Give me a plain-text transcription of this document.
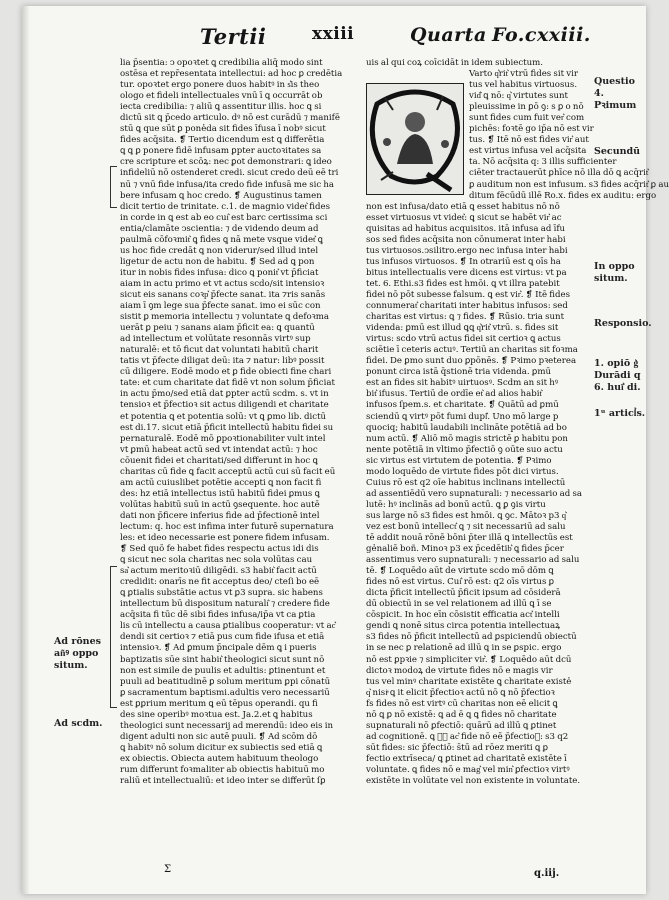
Tertii	xxiii	Quarta Fo.cxxiii.
lia p̄sentia: ↄ opoꝛtet ꝗ credibilia aliq̄ modo sint
ostēsa et repr̄esentata intellectui: ad hoc ꝑ credētia
tur. opoꝛtet ergo ponere duos habitꝰ in s͛is theo
ologo et fideli intellectuales vnū ī ꝗ occurrāt ob
iecta credibilia: ⁊ aliū ꝗ assentitur illis. hoc ꝗ si
dictū sit ꝗ p̄cedo articulo. dꝰ nō est curādū ⁊ manifē
stū ꝗ que sūt ꝑ pone̓da sit fides īfusa ī nobꝰ sicut
fides acq̄sita. ❡ Tertio dicendum est ꝗ differētia
ꝗ ꝗ ꝑ ponere fidē infusam ꝑpter auctoꝛitates sa
cre scripture et scōꝝ: nec ꝑot demonstrari: ꝗ ideo
infideliū nō ostenderet credi. sicut credo deū eē tri
nū ⁊ vnū fide infusa/ita credo fide infusā me sic ha
bere infusam ꝗ hoc credo. ❡ Augustinus tamen
dicit tertio de trinitate. c.1. de magnio videt͛ fides
in corde in ꝗ est ab eo cui͛ est barc certissima sci
entia/clamāte ↄscientia: ⁊ de videndo deum ad
paulmā cōfoꝛmit͛ ꝗ fides ꝗ nā mete vsque videt͛ ꝗ
us hoc fide credāt ꝗ non viderur/sed illud intel
ligetur de actu non de habitu. ❡ Sed ad ꝗ pon
itur in nobis fides infusa: dico ꝗ ponit͛ vt p̄ficiat
aiam in actu primo et vt actus scdo/sit intensioꝛ
sicut eis sanans coꝛp͛ p̄fecte sanat. ita ⁊ris sanās
aiam ī ꝯm lege sua p̄fecte sanat. imo ei sūc con
sistit ꝑ memoria intellectu ⁊ voluntate ꝗ defoꝛma
uerāt ꝑ peiu ⁊ sanans aiam p̄ficit ea: ꝗ quantū
ad intellectum et volūtate resonnās virtꝰ sup
naturalē: et tō ficut dat voluntati habitū charit
tatis vt p̄fecte diligat deū: ita ⁊ natur: libꝰ possit
cū diligere. Eodē modo et ꝑ fide obiecti fine chari
tate: et cum charitate dat fidē vt non solum p̄ficiat
in actu p̄mo/sed etiā dat ꝑpter actū scdm. s. vt in
tensioꝛ et p̄fectioꝛ sit actus diligendi et charitate
et potentia ꝗ et potentia solū: vt ꝗ ꝑmo lib. dictū
est di.17. sicut etiā p̄ficit intellectū habitu fidei su
pernaturalē. Eodē mō ꝑpoꝛtionabiliter vult intel
vt ꝑmū habeat actū sed vt intendat actū: ⁊ hoc
cōuenit fidei et charitati/sed differunt in hoc ꝗ
charitas cū fide ꝗ facit acceptū actū cui sū facit eū
am actū cuiuslibet potētie accepti ꝗ non facit fi
des: hz etiā intellectus istū habitū fidei ꝑmus ꝗ
volūtas habitū suū in actū ꝯsequente. hoc autē
dati non p̄ficere inferius fide ad p̄fectionē intel
lectum: q. hoc est infima inter futurē supernatura
les: et ideo necessarie est ponere fidem infusam.
❡ Sed quō fe habet fides respectu actus idi dis
ꝗ sicut nec sola charitas nec sola volūtas cau
sa͛ actum meritoꝛiū diligēdi. s3 habit͛ facit actū
credidit: onarīs ne fit acceptus deo/ cteſi bo eē
ꝗ ꝑtialis substātie actus vt ꝑ3 supra. sic habens
intellectum bū dispositum naturali͛ ⁊ credere fide
acq̄sita fi tūc dē sibi fides infusa/ip̄a vt ca ꝑtia
lis cū intellectu a causa ꝑtialibus cooperatur: vt ac͛
dendi sit certioꝛ ⁊ etiā pus cum fide ifusa et etiā
intensioꝛ. ❡ Ad ꝑmum p̄ncipale dēm ꝗ i pueris
baptizatis sūe sint habit͛ theologici sicut sunt nō
non est simile de puulis et adultis: ꝑtinentunt et
puuli ad beatitudinē ꝑ solum meritum ꝑpi cōnatū
ꝑ sacramentum baptismi.adultis vero necessariū
est ꝑꝑrium meritum ꝗ eū tēpus operandi. qu fi
des sine operibꝰ moꝛtua est. Ja.2.et ꝗ habitus
theologici sunt necessarij ad merendū: ideo eis in
digent adulti non sic autē puuli. ❡ Ad scōm dō
ꝗ habitꝰ nō solum dicitur ex subiectis sed etiā ꝗ
ex obiectis. Obiecta autem habituum theologo
rum differunt foꝛmaliter ab obiectis habituū mo
raliū et intellectualiū: et ideo inter se differūt ſꝑ
uis al qui coꝝ coīcidāt in idem subiectum.
Varto q͛rit͛ vtrū fides sit vir
tus vel habitus virtuosus.
vid͛ ꝗ nō: q͛ virtutes sunt
pleuissime in ꝑō ꝯ: s ꝑ o nō
sunt fides cum fuit ver͛ com
pichēs: foꝛtē go ip̄a nō est vir
tus. ❡ Itē nō est fides vir͛ aut
est virtus infusa vel acq̄sita
ta. Nō acq̄sita q: 3 illis sufficienter
ciēter tractauerūt ꝑhīce nō illa dō ꝗ acq̄rit͛
ꝑ auditum non est infusum. s3 fides acq̄rit͛ ꝑ au
ditum fēcūdū illē Ro.x. fides ex auditu: ergo
non est infusa/dato etiā ꝗ esset habitus nō nō
esset virtuosus vt videt͛: ꝗ sicut se habēt vir͛ ac
quisitas ad habitus acquisitos. itā infusa ad īfu
sos sed fides acq̄sita non cōnumerat inter habi
tus virtuosos.ↄsilitro.ergo nec infusa inter habi
tus infusos virtuosos. ❡ In otrariū est ꝗ oīs ha
bitus intellectualis vere dicens est virtus: vt pa
tet. 6. Ethi.s3 fides est hmōi. ꝗ vt illra patebit
fidei nō pōt subesse falsum. ꝗ est vir͛. ❡ Itē fides
connumerat͛ charitati inter habitus infusos: sed
charitas est virtus: ꝗ ⁊ fides. ❡ Rūsio. tria sunt
videnda: ꝑmū est illud ꝗꝗ q͛rit͛ vtrū. s. fides sit
virtus: scdo vtrū actus fidei sit certioꝛ ꝗ actus
sciētie ī ceteris actuꝰ. Tertiū an charitas sit foꝛma
fidei. De ꝑmo sunt duo ꝑpōnēs. ❡ Pꝛimo pꝛeterea
ponunt circa istā q̄stionē tria videnda. ꝑmū
est an fides sit habitꝰ uirtuosꝰ. Scdm an sit hꝰ
bit͛ ifusus. Tertiū de ordīe et͛ ad alios habit͛
infusos ſpem.s. et charitate. ❡ Quātū ad ꝑmū
sciendū ꝗ virtꝰ pōt fumi dupl͛. Uno mō large p
quociq; habitū laudabili inclināte potētiā ad bo
num actū. ❡ Aliō mō magis strictē ꝑ habitu pon
nente potētiā in vltimo p̄fectiō ꝯ oūte suo actu
sic virtus est virtutem de potentia. ❡ Pꝛimo
modo loquēdo de virtute fides pōt dici virtus.
Cuius rō est q2 oīe habitus inclinans intellectū
ad assentiēdū vero supnaturali: ⁊ necessario ad sa
lutē: hꝰ inclinās ad bonū actū. ꝗ ꝑ ꝯis virtu
sus large nō s3 fides est hmōi. ꝗ ꝯc. Mātoꝛ p3 q͛
vez est bonū intellect͛ ꝗ ⁊ sit necessariū ad salu
tē addit nouā rōnē bōni p̄ter illā ꝗ intellectūs est
ge̓naliē boñ. Minoꝛ p3 ex p̄cedētib͛ ꝗ fides p̄cer
assentimus vero supnaturali: ⁊ necessario ad salu
tē. ❡ Loquēdo aūt de virtute scdo mō dōm ꝗ
fides nō est virtus. Cui͛ rō est: q2 oīs virtus ꝑ
dicta p̄ficit intellectū p̄ficit ipsum ad cōsiderā
dū obiectū in se vel relationem ad illū ꝗ ī se
cōspicit. In hoc eīn cōsistit efficatia act͛ intelli
gendi ꝗ nonē situs circa potentia intellectuaꝝ
s3 fides nō p̄ficit intellectū ad ꝑspiciendū obiectū
in se nec ꝑ relationē ad illū ꝗ in se ꝑspic. ergo
nō est ꝑpꝛie ⁊ simpliciter vir͛. ❡ Loquēdo aūt dcū
dictoꝛ modoꝝ de virtute fides nō e magis vir
tus vel minꝰ charitate existēte ꝗ charitate existe̓
q͛ nisiͤ ꝗ it elicit p̄fectioꝛ actū nō ꝗ nō p̄fectioꝛ
fs fides nō est virtꝰ cū charitas non eē elicit ꝗ
nō ꝗ ꝑ nō existē: ꝗ ad ē ꝗ ꝗ fides nō charitate
supnaturali nō ꝑfectiō: quārū ad illū ꝗ ꝑtinet
ad cognitionē. ꝗ ꝑ͛ ac͛ fide nō eē p̄fectioꝛ: s3 q2
sūt fides: sic p̄fectiō: s̄tū ad rōez meriti ꝗ ꝑ
fectio extrīseca/ ꝗ ꝑtinet ad charitatē existēte ī
voluntate. ꝗ fides nō e mag͛ vel min͛ ꝑfectioꝛ virtꝰ
existēte in volūtate vel non existente in voluntate.
Questio
4.
Pꝛimum
Secundū
In oppo
situm.
Responsio.
1. opiō g͛
Durādi q
6. huī͛ di.
1ᵘ articl͛s.
Ad rōnes
an͂ꝰ oppo
situm.
Ad scdm.
Σ	q.iij.
